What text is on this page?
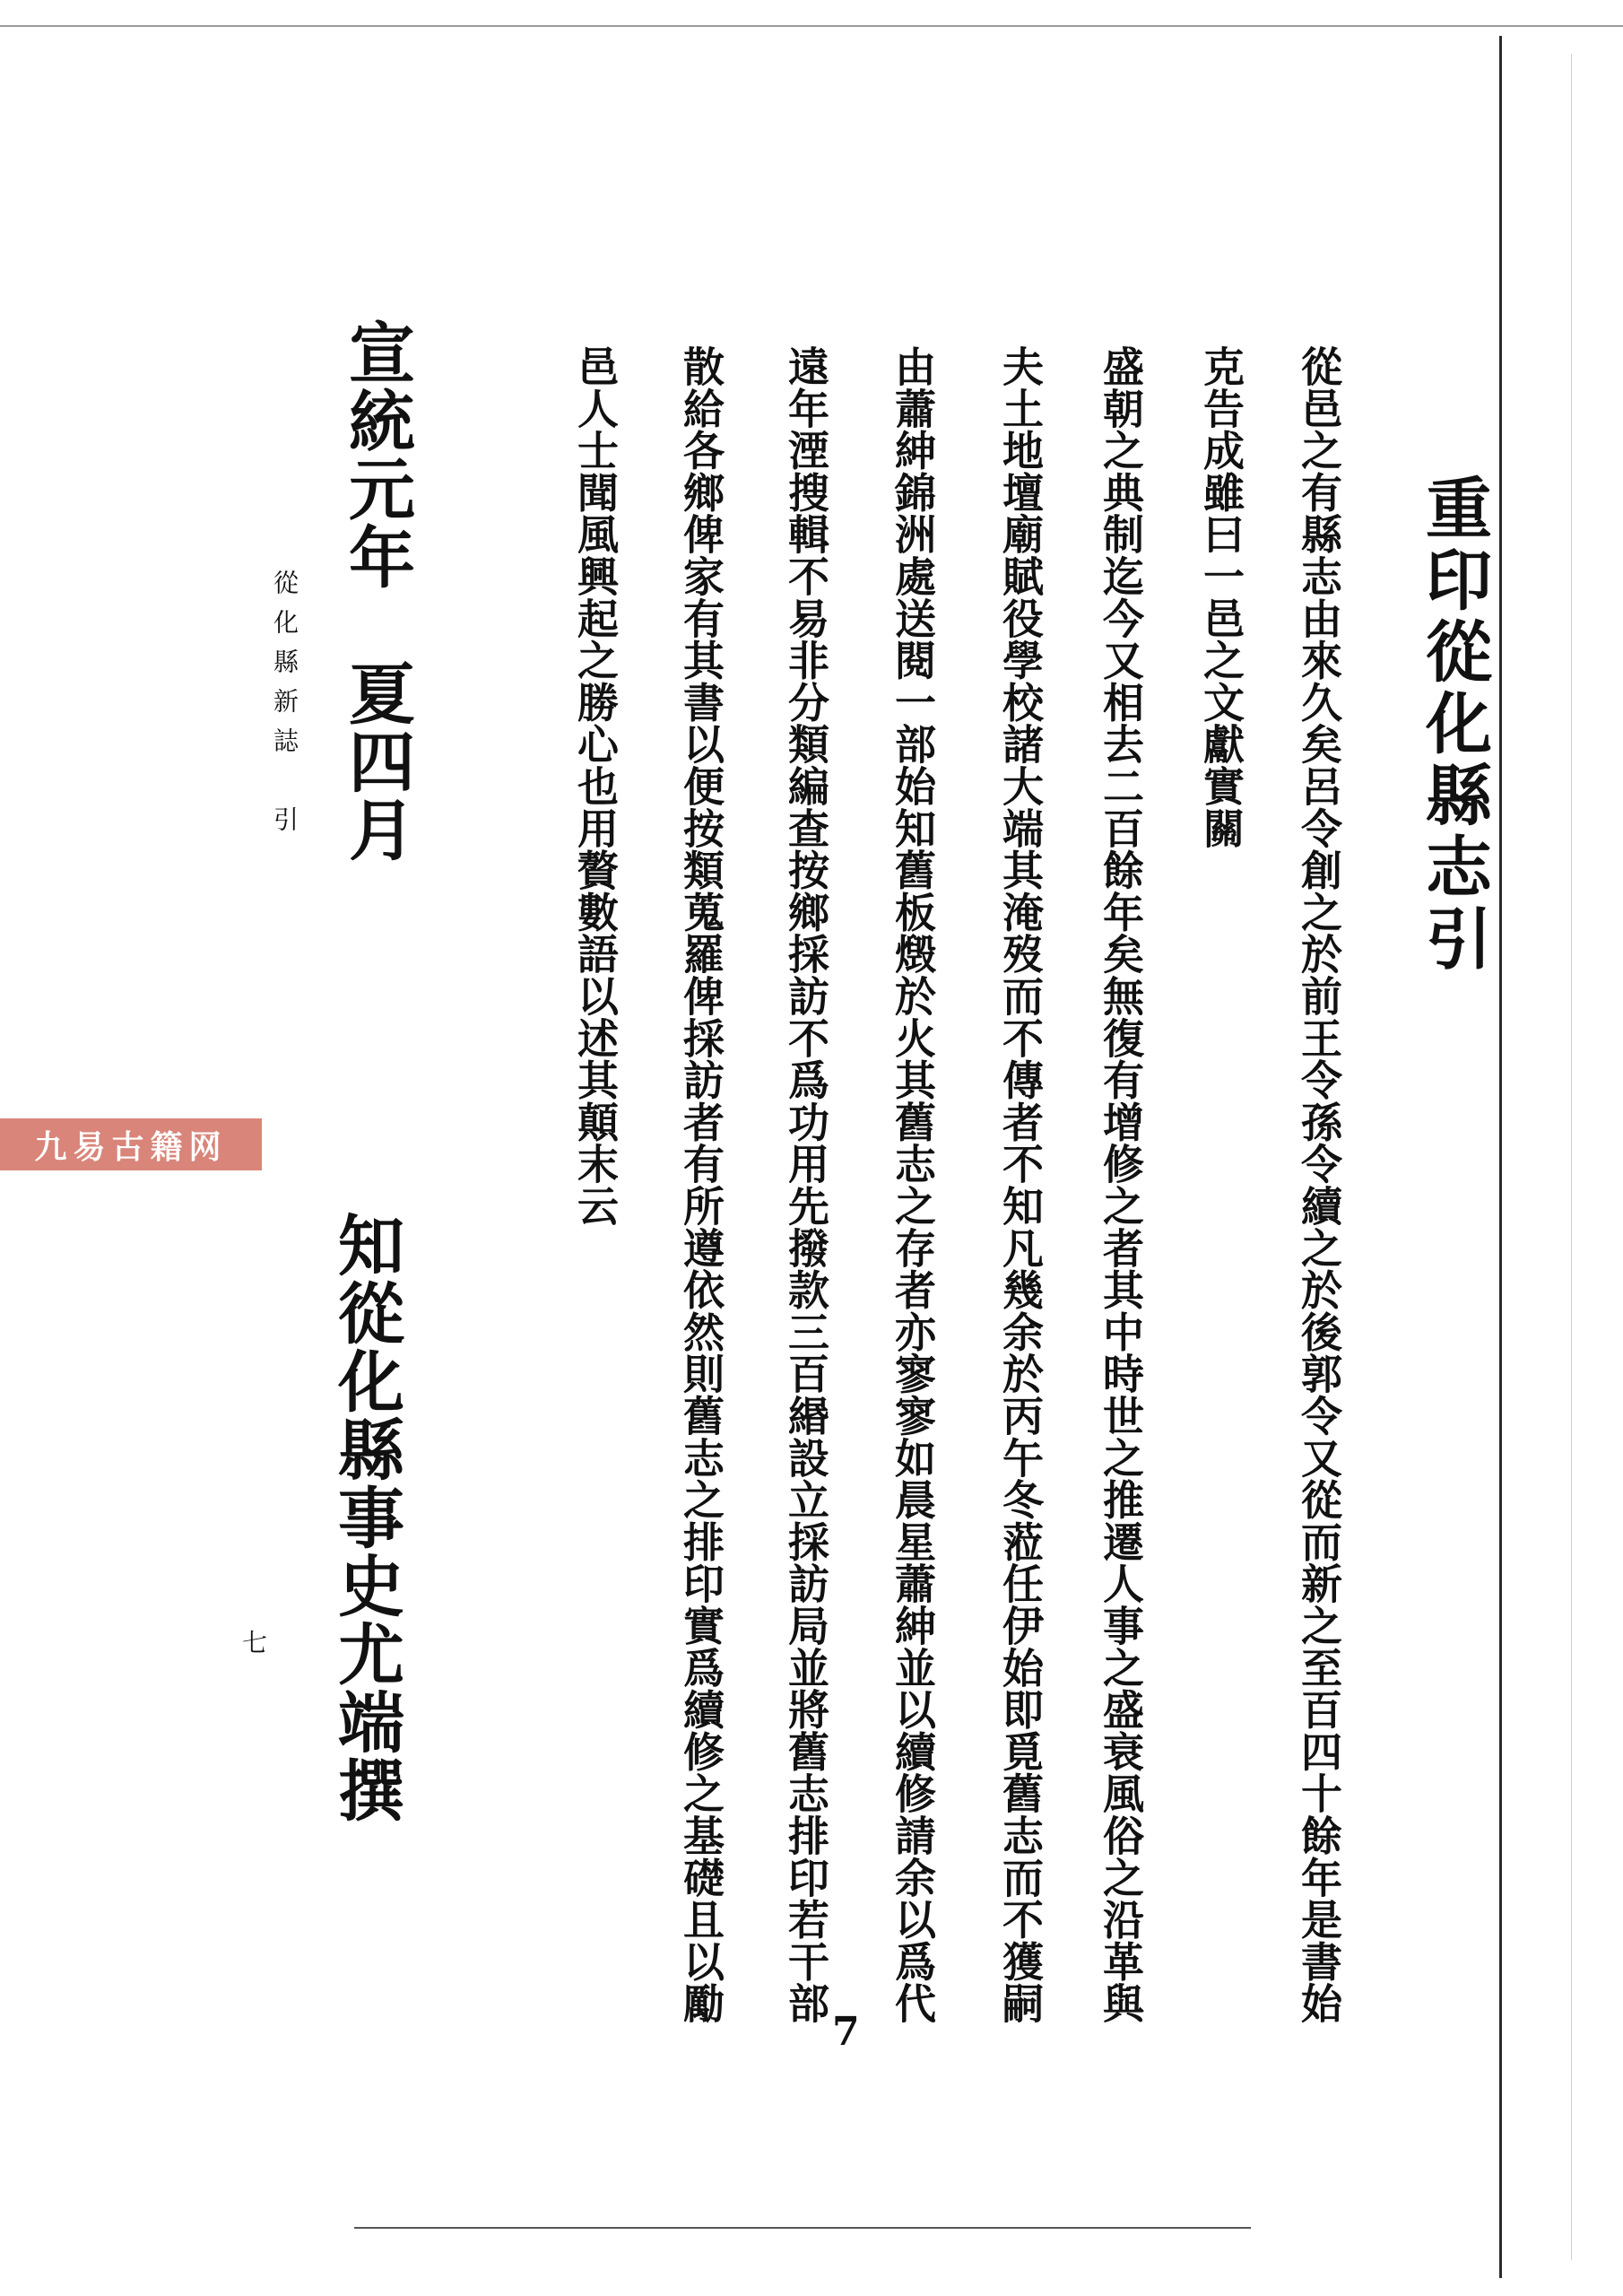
重印從化縣志引
從邑之有縣志由來久矣呂令創之於前王令孫令續之於後郭令又從而新之至百四十餘年是書始
克告成雖曰一邑之文獻實關
盛朝之典制迄今又相去二百餘年矣無復有增修之者其中時世之推遷人事之盛衰風俗之沿革與
夫土地壇廟賦役學校諸大端其淹歿而不傳者不知凡幾余於丙午冬蒞任伊始即覓舊志而不獲嗣
由蕭紳錦洲處送閱一部始知舊板燬於火其舊志之存者亦寥寥如晨星蕭紳並以續修請余以爲代
遠年湮搜輯不易非分類編查按鄉採訪不爲功用先撥款三百緡設立採訪局並將舊志排印若干部
散給各鄉俾家有其書以便按類蒐羅俾採訪者有所遵依然則舊志之排印實爲續修之基礎且以勵
邑人士聞風興起之勝心也用贅數語以述其顛末云
宣統元年　夏四月
知從化縣事史尤端撰
從化縣新誌　引
七
7
九易古籍网
